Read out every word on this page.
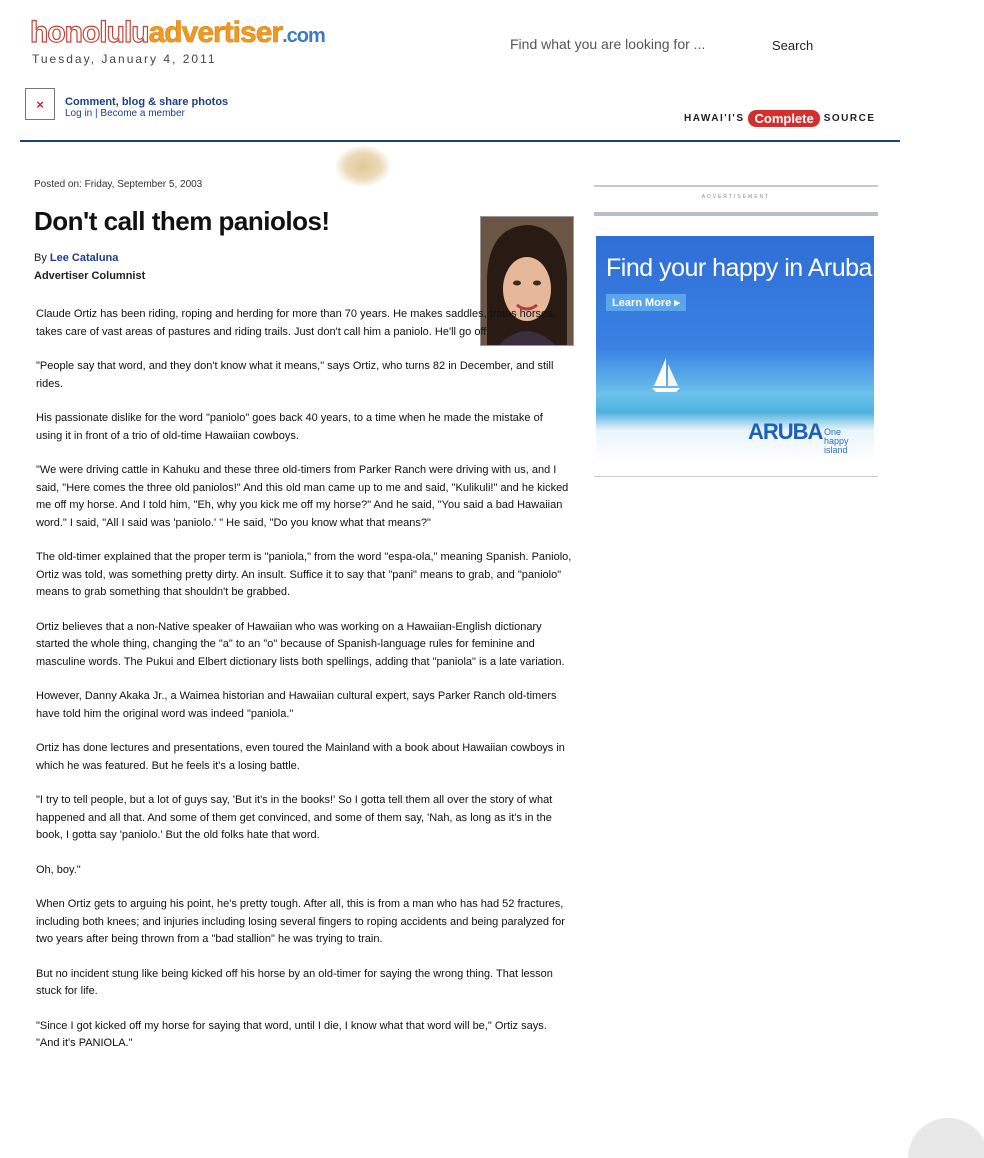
honoluluadvertiser.com
Tuesday, January 4, 2011
Find what you are looking for ...	Search
×	Comment, blog & share photos
Log in | Become a member	HAWAI'I'S Complete	SOURCE
Posted on: Friday, September 5, 2003
Don't call them paniolos!
By Lee Cataluna
Advertiser Columnist

Claude Ortiz has been riding, roping and herding for more than 70 years. He makes saddles, trains horses, takes care of vast areas of pastures and riding trails. Just don't call him a paniolo. He'll go off.

"People say that word, and they don't know what it means," says Ortiz, who turns 82 in December, and still rides.

His passionate dislike for the word "paniolo" goes back 40 years, to a time when he made the mistake of using it in front of a trio of old-time Hawaiian cowboys.

"We were driving cattle in Kahuku and these three old-timers from Parker Ranch were driving with us, and I said, "Here comes the three old paniolos!" And this old man came up to me and said, "Kulikuli!" and he kicked me off my horse. And I told him, "Eh, why you kick me off my horse?" And he said, "You said a bad Hawaiian word." I said, "All I said was 'paniolo.' " He said, "Do you know what that means?"

The old-timer explained that the proper term is "paniola," from the word "espa-ola," meaning Spanish. Paniolo, Ortiz was told, was something pretty dirty. An insult. Suffice it to say that "pani" means to grab, and "paniolo" means to grab something that shouldn't be grabbed.

Ortiz believes that a non-Native speaker of Hawaiian who was working on a Hawaiian-English dictionary started the whole thing, changing the "a" to an "o" because of Spanish-language rules for feminine and masculine words. The Pukui and Elbert dictionary lists both spellings, adding that "paniola" is a late variation.

However, Danny Akaka Jr., a Waimea historian and Hawaiian cultural expert, says Parker Ranch old-timers have told him the original word was indeed "paniola."

Ortiz has done lectures and presentations, even toured the Mainland with a book about Hawaiian cowboys in which he was featured. But he feels it's a losing battle.

"I try to tell people, but a lot of guys say, 'But it's in the books!' So I gotta tell them all over the story of what happened and all that. And some of them get convinced, and some of them say, 'Nah, as long as it's in the book, I gotta say 'paniolo.' But the old folks hate that word.

Oh, boy."

When Ortiz gets to arguing his point, he's pretty tough. After all, this is from a man who has had 52 fractures, including both knees; and injuries including losing several fingers to roping accidents and being paralyzed for two years after being thrown from a "bad stallion" he was trying to train.

But no incident stung like being kicked off his horse by an old-timer for saying the wrong thing. That lesson stuck for life.

"Since I got kicked off my horse for saying that word, until I die, I know what that word will be," Ortiz says. "And it's PANIOLA."

ADVERTISEMENT
Find your happy in Aruba
Learn More ▸
ARUBA One happy island
